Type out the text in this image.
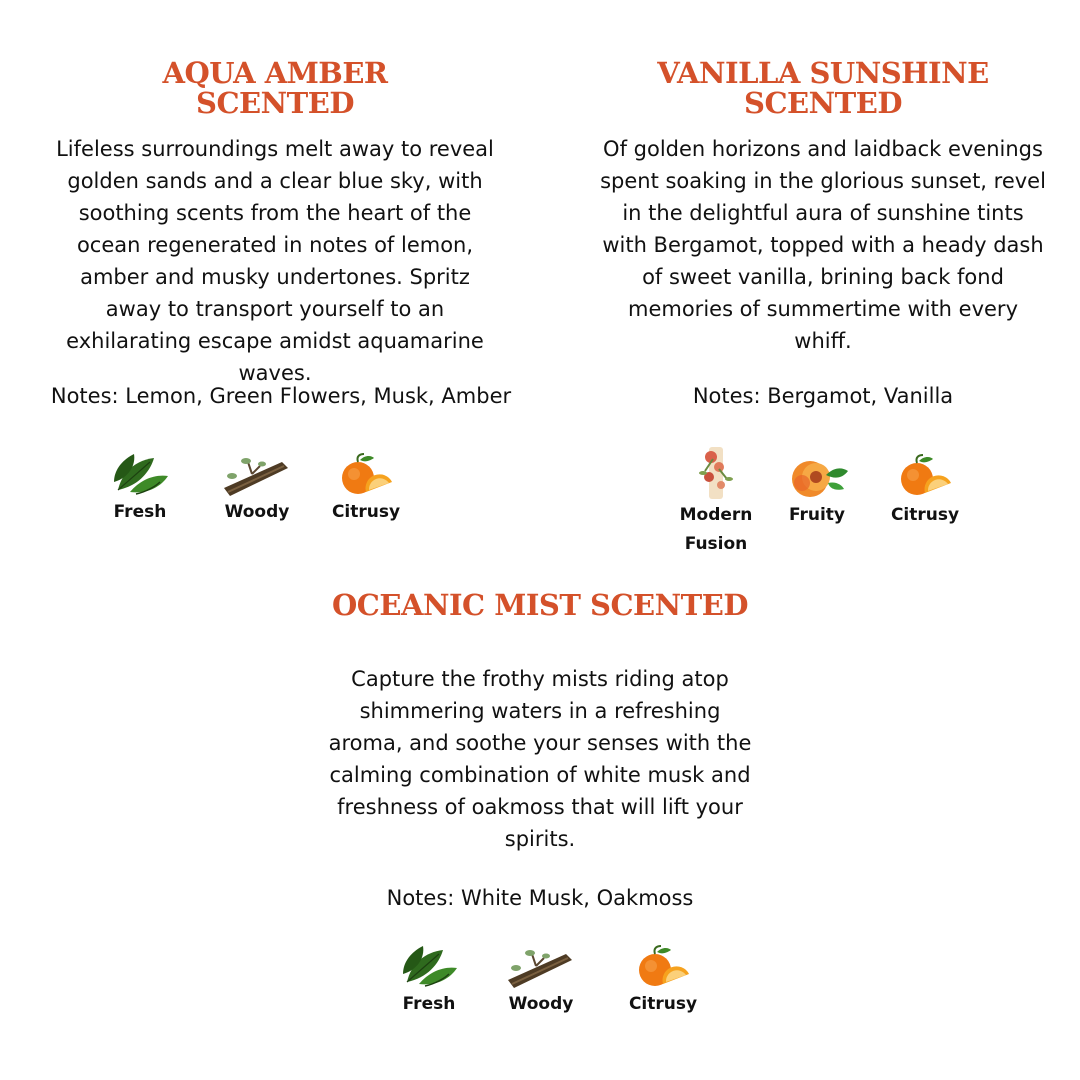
AQUA AMBER
SCENTED

Lifeless surroundings melt away to reveal golden sands and a clear blue sky, with soothing scents from the heart of the ocean regenerated in notes of lemon, amber and musky undertones. Spritz away to transport yourself to an exhilarating escape amidst aquamarine waves.

Notes: Lemon, Green Flowers, Musk, Amber

Fresh	Woody	Citrusy
VANILLA SUNSHINE
SCENTED

Of golden horizons and laidback evenings spent soaking in the glorious sunset, revel in the delightful aura of sunshine tints with Bergamot, topped with a heady dash of sweet vanilla, brining back fond memories of summertime with every whiff.

Notes: Bergamot, Vanilla

Modern Fusion
Fruity	Citrusy
OCEANIC MIST SCENTED

Capture the frothy mists riding atop shimmering waters in a refreshing aroma, and soothe your senses with the calming combination of white musk and freshness of oakmoss that will lift your spirits.

Notes: White Musk, Oakmoss

Fresh	Woody	Citrusy
